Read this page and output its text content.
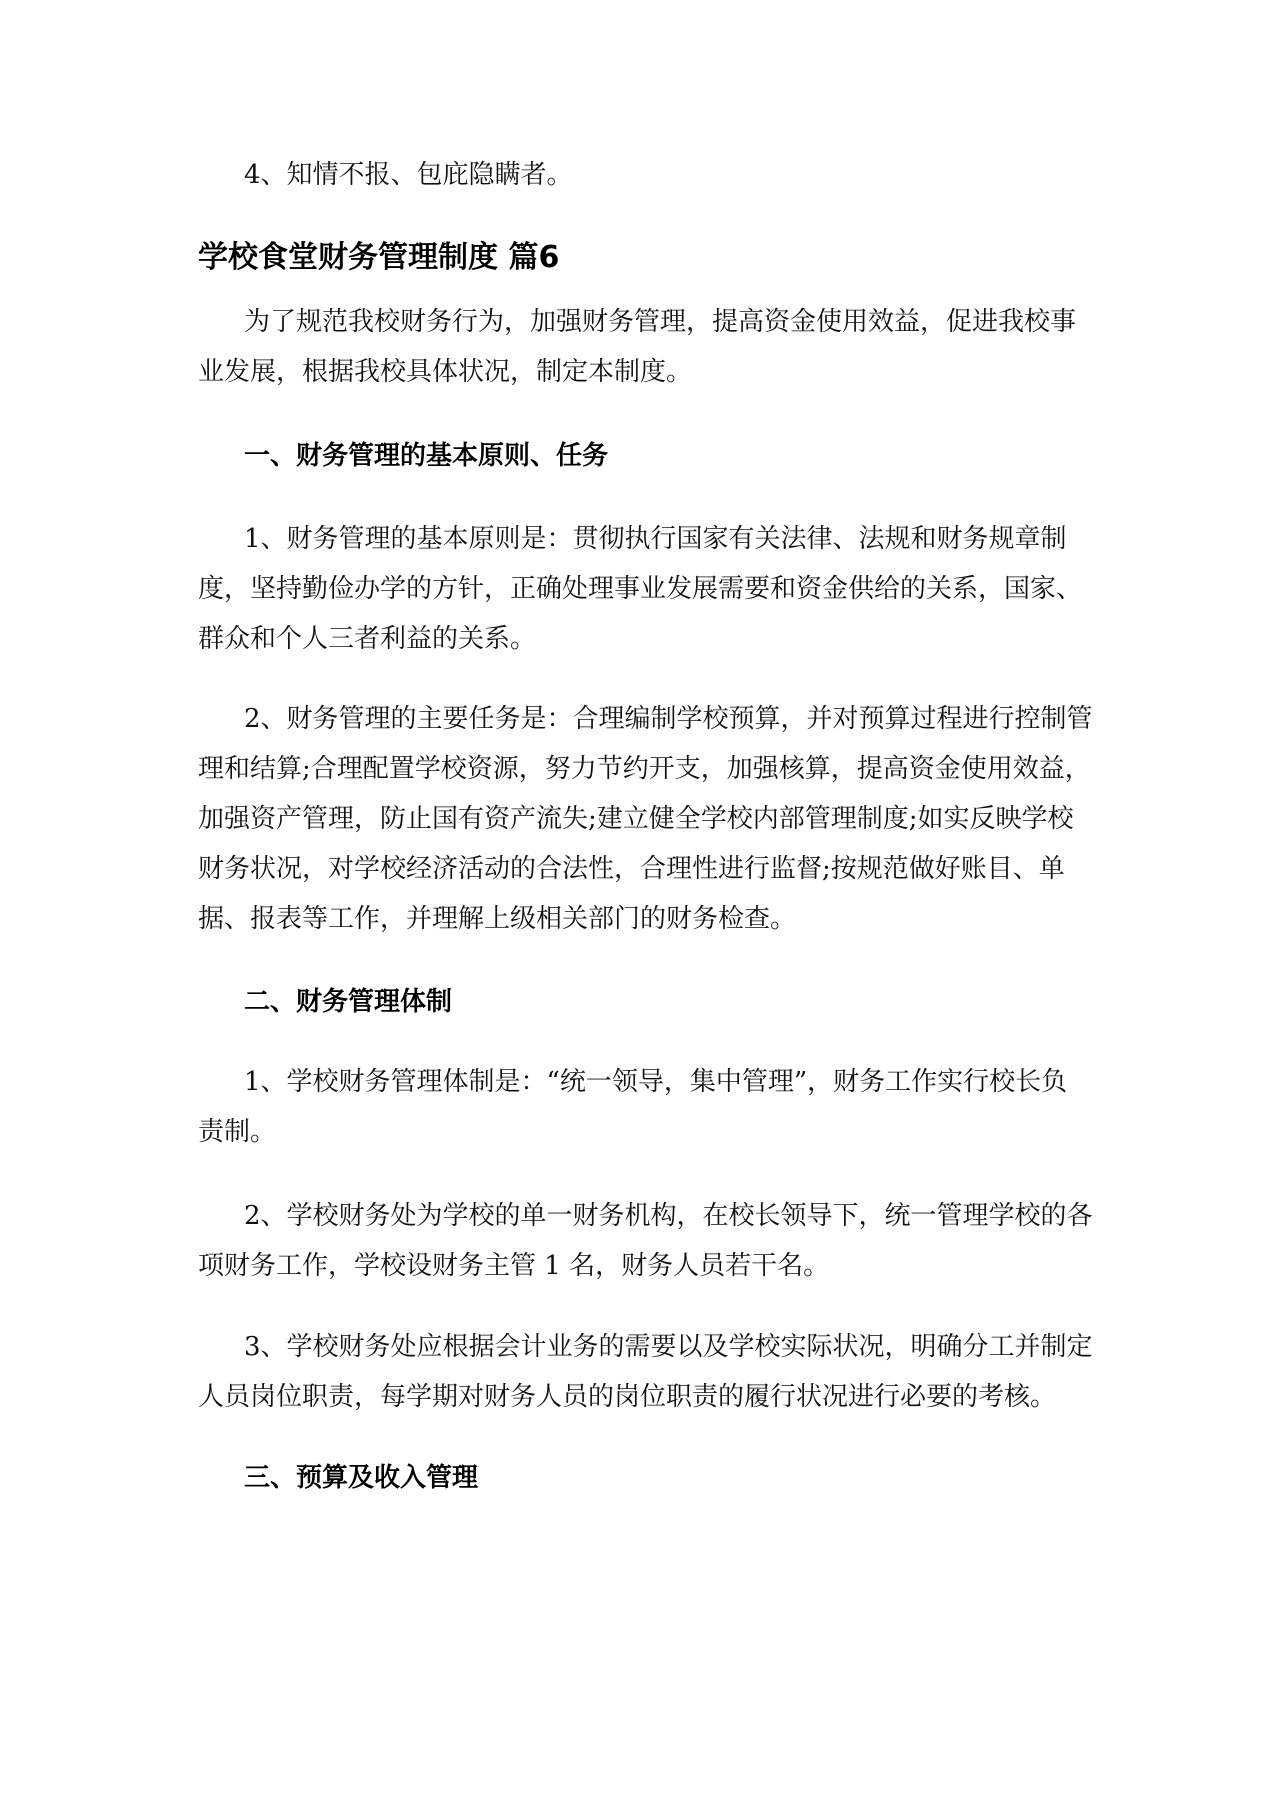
4、知情不报、包庇隐瞒者。
学校食堂财务管理制度 篇6
为了规范我校财务行为，加强财务管理，提高资金使用效益，促进我校事
业发展，根据我校具体状况，制定本制度。
一、财务管理的基本原则、任务
1、财务管理的基本原则是：贯彻执行国家有关法律、法规和财务规章制
度，坚持勤俭办学的方针，正确处理事业发展需要和资金供给的关系，国家、
群众和个人三者利益的关系。
2、财务管理的主要任务是：合理编制学校预算，并对预算过程进行控制管
理和结算;合理配置学校资源，努力节约开支，加强核算，提高资金使用效益，
加强资产管理，防止国有资产流失;建立健全学校内部管理制度;如实反映学校
财务状况，对学校经济活动的合法性，合理性进行监督;按规范做好账目、单
据、报表等工作，并理解上级相关部门的财务检查。
二、财务管理体制
1、学校财务管理体制是：“统一领导，集中管理”，财务工作实行校长负
责制。
2、学校财务处为学校的单一财务机构，在校长领导下，统一管理学校的各
项财务工作，学校设财务主管 1 名，财务人员若干名。
3、学校财务处应根据会计业务的需要以及学校实际状况，明确分工并制定
人员岗位职责，每学期对财务人员的岗位职责的履行状况进行必要的考核。
三、预算及收入管理
